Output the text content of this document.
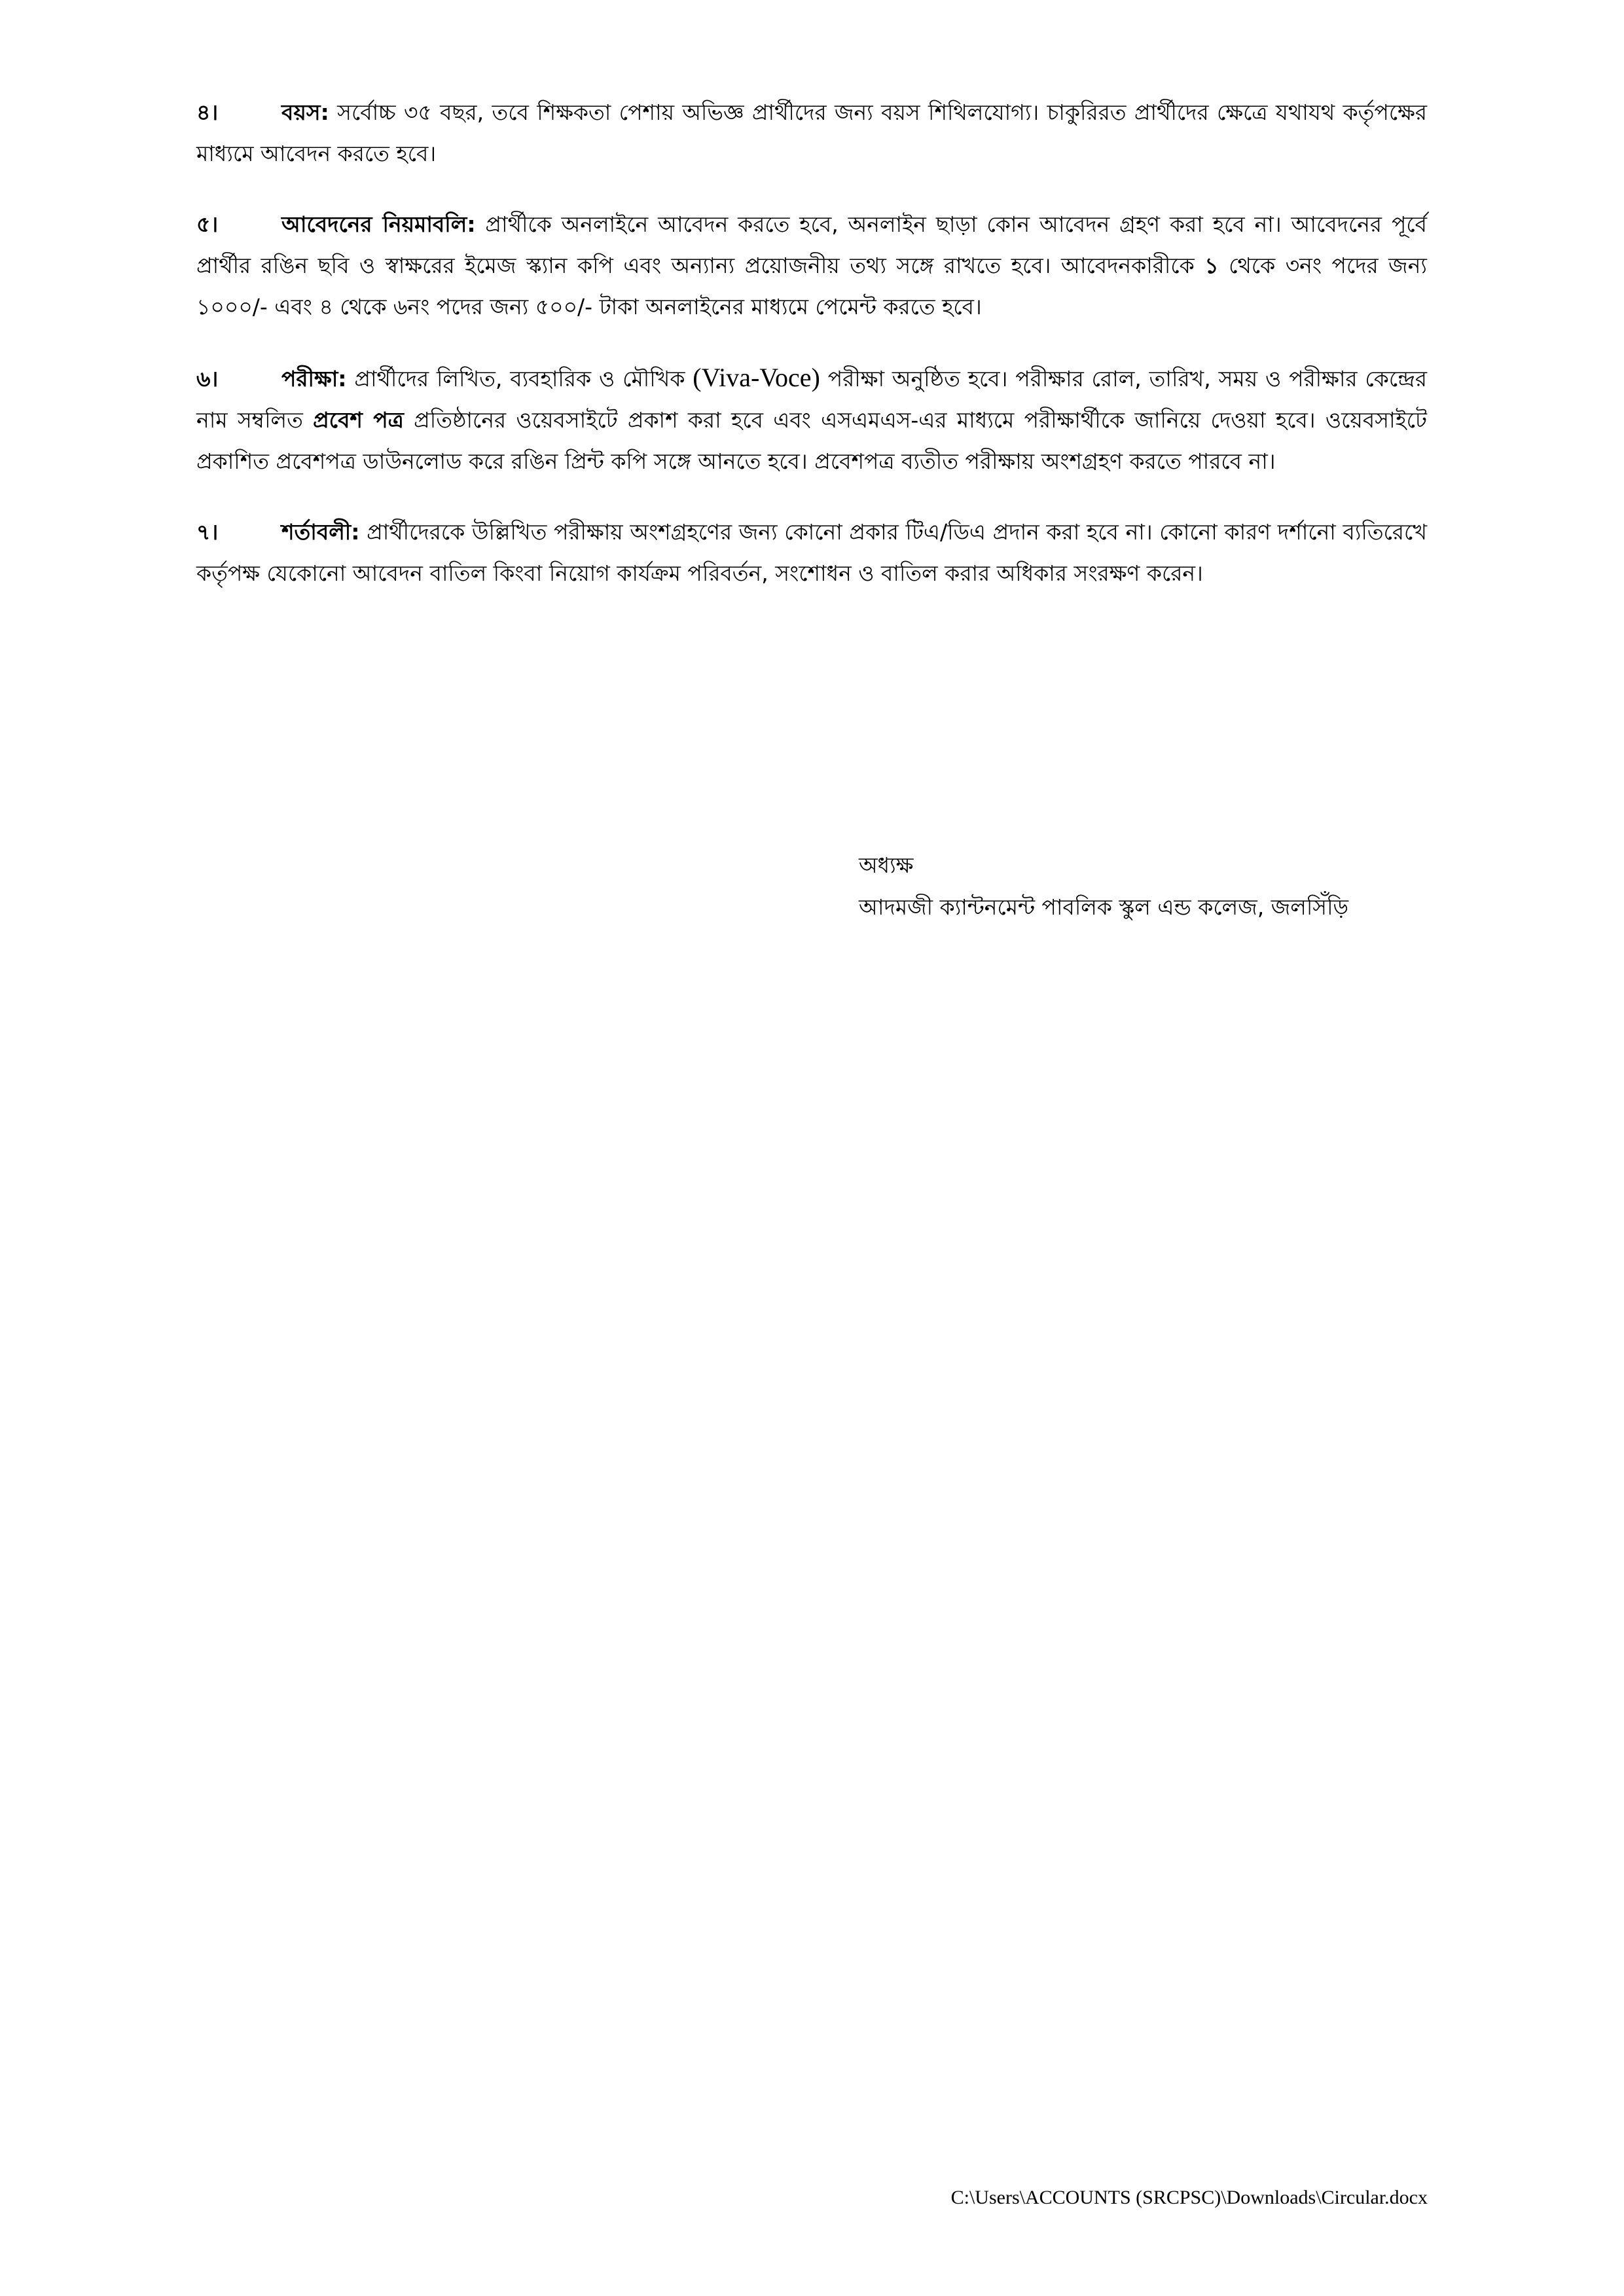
৪।	বয়স: সর্বোচ্চ ৩৫ বছর, তবে শিক্ষকতা পেশায় অভিজ্ঞ প্রার্থীদের জন্য বয়স শিথিলযোগ্য। চাকুরিরত প্রার্থীদের ক্ষেত্রে যথাযথ কর্তৃপক্ষের মাধ্যমে আবেদন করতে হবে।

৫।	আবেদনের নিয়মাবলি: প্রার্থীকে অনলাইনে আবেদন করতে হবে, অনলাইন ছাড়া কোন আবেদন গ্রহণ করা হবে না। আবেদনের পূর্বে প্রার্থীর রঙিন ছবি ও স্বাক্ষরের ইমেজ স্ক্যান কপি এবং অন্যান্য প্রয়োজনীয় তথ্য সঙ্গে রাখতে হবে। আবেদনকারীকে ১ থেকে ৩নং পদের জন্য ১০০০/- এবং ৪ থেকে ৬নং পদের জন্য ৫০০/- টাকা অনলাইনের মাধ্যমে পেমেন্ট করতে হবে।

৬।	পরীক্ষা: প্রার্থীদের লিখিত, ব্যবহারিক ও মৌখিক (Viva-Voce) পরীক্ষা অনুষ্ঠিত হবে। পরীক্ষার রোল, তারিখ, সময় ও পরীক্ষার কেন্দ্রের নাম সম্বলিত প্রবেশ পত্র প্রতিষ্ঠানের ওয়েবসাইটে প্রকাশ করা হবে এবং এসএমএস-এর মাধ্যমে পরীক্ষার্থীকে জানিয়ে দেওয়া হবে। ওয়েবসাইটে প্রকাশিত প্রবেশপত্র ডাউনলোড করে রঙিন প্রিন্ট কপি সঙ্গে আনতে হবে। প্রবেশপত্র ব্যতীত পরীক্ষায় অংশগ্রহণ করতে পারবে না।

৭।	শর্তাবলী: প্রার্থীদেরকে উল্লিখিত পরীক্ষায় অংশগ্রহণের জন্য কোনো প্রকার টিএ/ডিএ প্রদান করা হবে না। কোনো কারণ দর্শানো ব্যতিরেখে কর্তৃপক্ষ যেকোনো আবেদন বাতিল কিংবা নিয়োগ কার্যক্রম পরিবর্তন, সংশোধন ও বাতিল করার অধিকার সংরক্ষণ করেন।

অধ্যক্ষ
আদমজী ক্যান্টনমেন্ট পাবলিক স্কুল এন্ড কলেজ, জলসিঁড়ি
C:\Users\ACCOUNTS (SRCPSC)\Downloads\Circular.docx
